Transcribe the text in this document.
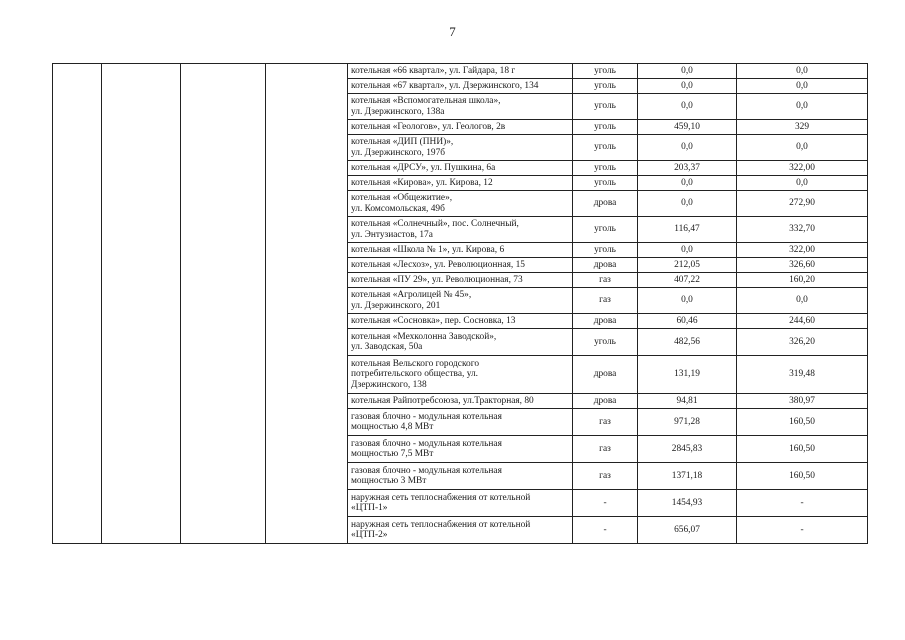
7
				котельная «66 квартал», ул. Гайдара, 18 г	уголь	0,0	0,0
				котельная «67 квартал», ул. Дзержинского, 134	уголь	0,0	0,0
				котельная «Вспомогательная школа»,
ул. Дзержинского, 138а	уголь	0,0	0,0
				котельная «Геологов», ул. Геологов, 2в	уголь	459,10	329
				котельная «ДИП (ПНИ)»,
ул. Дзержинского, 197б	уголь	0,0	0,0
				котельная «ДРСУ», ул. Пушкина, 6а	уголь	203,37	322,00
				котельная «Кирова», ул. Кирова, 12	уголь	0,0	0,0
				котельная «Общежитие»,
ул. Комсомольская, 49б	дрова	0,0	272,90
				котельная «Солнечный», пос. Солнечный,
ул. Энтузиастов, 17а	уголь	116,47	332,70
				котельная «Школа № 1», ул. Кирова, 6	уголь	0,0	322,00
				котельная «Лесхоз», ул. Революционная, 15	дрова	212,05	326,60
				котельная «ПУ 29», ул. Революционная, 73	газ	407,22	160,20
				котельная «Агролицей № 45»,
ул. Дзержинского, 201	газ	0,0	0,0
				котельная «Сосновка», пер. Сосновка, 13	дрова	60,46	244,60
				котельная «Мехколонна Заводской»,
ул. Заводская, 50а	уголь	482,56	326,20
				котельная Вельского городского
потребительского общества, ул.
Дзержинского, 138	дрова	131,19	319,48
				котельная Райпотребсоюза, ул.Тракторная, 80	дрова	94,81	380,97
				газовая блочно - модульная котельная
мощностью 4,8 МВт	газ	971,28	160,50
				газовая блочно - модульная котельная
мощностью 7,5 МВт	газ	2845,83	160,50
				газовая блочно - модульная котельная
мощностью 3 МВт	газ	1371,18	160,50
				наружная сеть теплоснабжения от котельной
«ЦТП-1»	-	1454,93	-
				наружная сеть теплоснабжения от котельной
«ЦТП-2»	-	656,07	-
